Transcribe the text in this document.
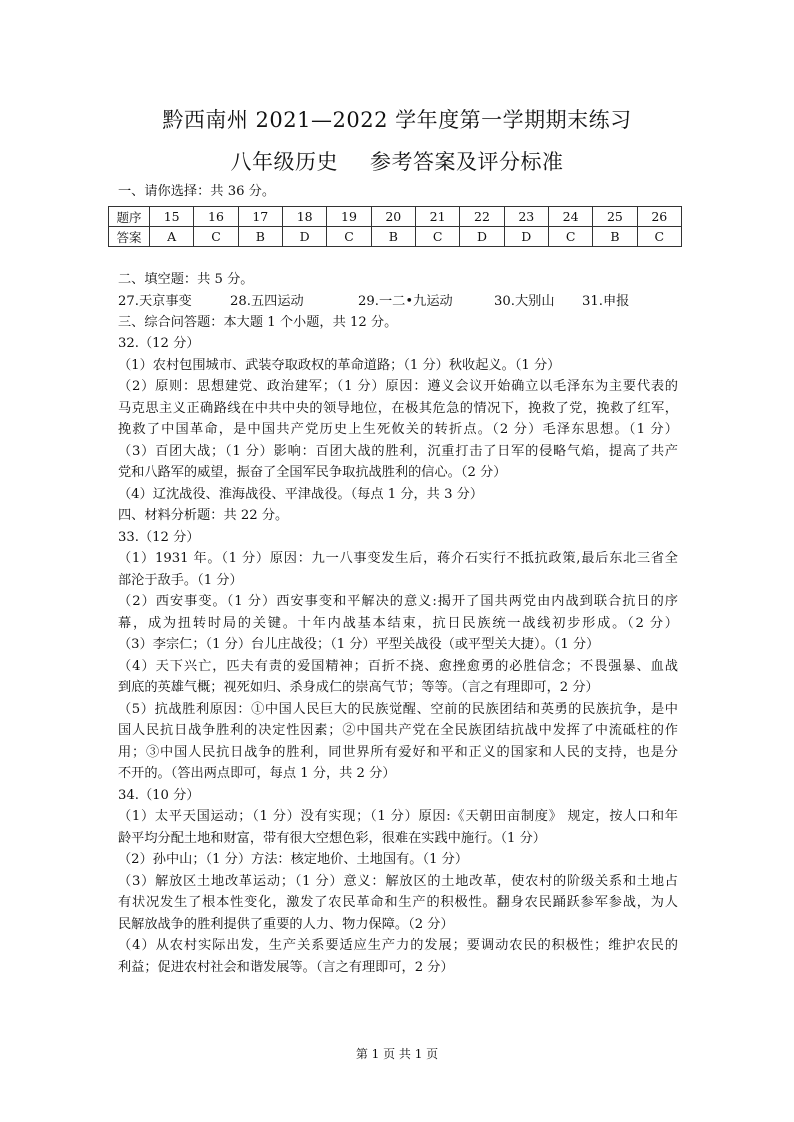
黔西南州 2021—2022 学年度第一学期期末练习
八年级历史 参考答案及评分标准
一、请你选择：共 36 分。
题序	15	16	17	18	19	20	21	22	23	24	25	26
答案	A	C	B	D	C	B	C	D	D	C	B	C
二、填空题：共 5 分。
27.天京事变	28.五四运动	29.一二•九运动	30.大别山	31.申报
三、综合问答题：本大题 1 个小题，共 12 分。
32.（12 分）
（1）农村包围城市、武装夺取政权的革命道路；（1 分）秋收起义。（1 分）
（2）原则：思想建党、政治建军；（1 分）原因：遵义会议开始确立以毛泽东为主要代表的
马克思主义正确路线在中共中央的领导地位，在极其危急的情况下，挽救了党，挽救了红军，
挽救了中国革命，是中国共产党历史上生死攸关的转折点。（2 分）毛泽东思想。（1 分）
（3）百团大战；（1 分）影响：百团大战的胜利，沉重打击了日军的侵略气焰，提高了共产
党和八路军的威望，振奋了全国军民争取抗战胜利的信心。（2 分）
（4）辽沈战役、淮海战役、平津战役。（每点 1 分，共 3 分）
四、材料分析题：共 22 分。
33.（12 分）
（1）1931 年。（1 分）原因：九一八事变发生后，蒋介石实行不抵抗政策,最后东北三省全
部沦于敌手。（1 分）
（2）西安事变。（1 分）西安事变和平解决的意义:揭开了国共两党由内战到联合抗日的序
幕，成为扭转时局的关键。十年内战基本结束，抗日民族统一战线初步形成。（2 分）
（3）李宗仁；（1 分）台儿庄战役；（1 分）平型关战役（或平型关大捷）。（1 分）
（4）天下兴亡，匹夫有责的爱国精神；百折不挠、愈挫愈勇的必胜信念；不畏强暴、血战
到底的英雄气概；视死如归、杀身成仁的崇高气节；等等。（言之有理即可，2 分）
（5）抗战胜利原因：①中国人民巨大的民族觉醒、空前的民族团结和英勇的民族抗争，是中
国人民抗日战争胜利的决定性因素；②中国共产党在全民族团结抗战中发挥了中流砥柱的作
用；③中国人民抗日战争的胜利，同世界所有爱好和平和正义的国家和人民的支持，也是分
不开的。（答出两点即可，每点 1 分，共 2 分）
34.（10 分）
（1）太平天国运动；（1 分）没有实现；（1 分）原因:《天朝田亩制度》 规定，按人口和年
龄平均分配土地和财富，带有很大空想色彩，很难在实践中施行。（1 分）
（2）孙中山；（1 分）方法：核定地价、土地国有。（1 分）
（3）解放区土地改革运动；（1 分）意义：解放区的土地改革，使农村的阶级关系和土地占
有状况发生了根本性变化，激发了农民革命和生产的积极性。翻身农民踊跃参军参战，为人
民解放战争的胜利提供了重要的人力、物力保障。（2 分）
（4）从农村实际出发，生产关系要适应生产力的发展；要调动农民的积极性；维护农民的
利益；促进农村社会和谐发展等。（言之有理即可，2 分）
第 1 页 共 1 页
